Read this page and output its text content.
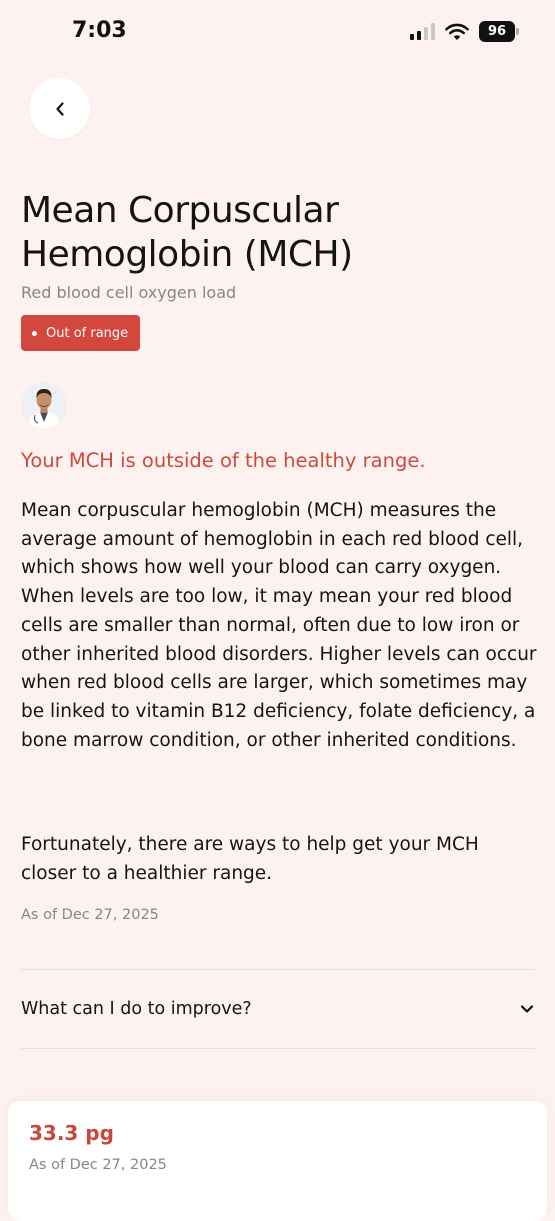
7:03	96
Mean Corpuscular Hemoglobin (MCH)
Red blood cell oxygen load
Out of range
Your MCH is outside of the healthy range.

Mean corpuscular hemoglobin (MCH) measures the average amount of hemoglobin in each red blood cell, which shows how well your blood can carry oxygen. When levels are too low, it may mean your red blood cells are smaller than normal, often due to low iron or other inherited blood disorders. Higher levels can occur when red blood cells are larger, which sometimes may be linked to vitamin B12 deficiency, folate deficiency, a bone marrow condition, or other inherited conditions.

Fortunately, there are ways to help get your MCH closer to a healthier range.

As of Dec 27, 2025
What can I do to improve?
33.3 pg
As of Dec 27, 2025
